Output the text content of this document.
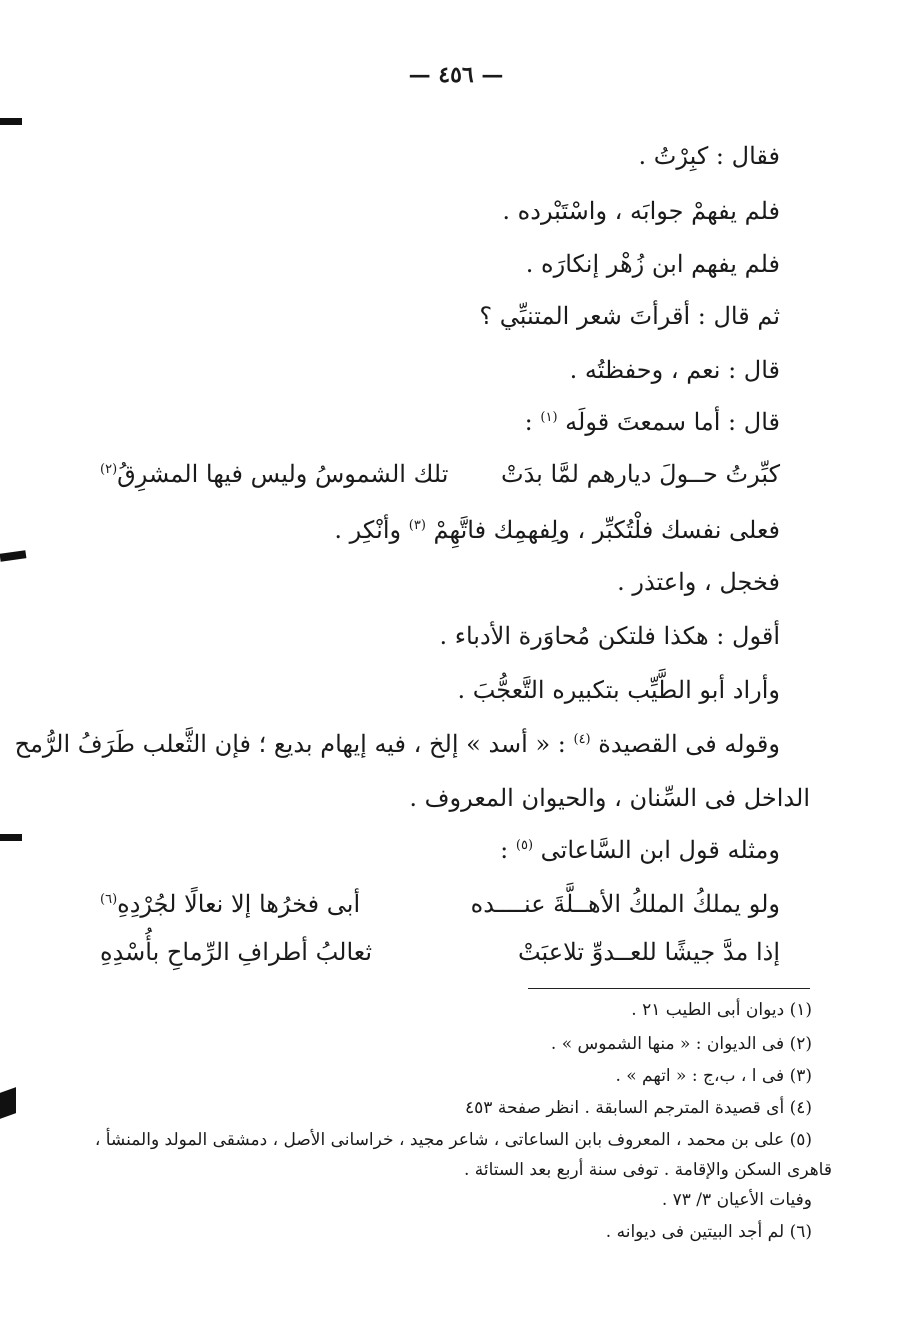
— ٤٥٦ —
فقال : كبِرْتُ .
فلم يفهمْ جوابَه ، واسْتَبْرده .
فلم يفهم ابن زُهْر إنكارَه .
ثم قال : أقرأتَ شعر المتنبِّي ؟
قال : نعم ، وحفظتُه .
قال : أما سمعتَ قولَه $^{(١)}$ :
كبِّرتُ حــولَ ديارهم لمَّا بدَتْ
تلك الشموسُ وليس فيها المشرِقُ$^{(٢)}$
فعلى نفسك فلْتُكبِّر ، ولِفهمِك فاتَّهِمْ $^{(٣)}$ وأنْكِر .
فخجل ، واعتذر .
أقول : هكذا فلتكن مُحاوَرة الأدباء .
وأراد أبو الطَّيِّب بتكبيره التَّعجُّبَ .
وقوله فى القصيدة $^{(٤)}$ : « أسد » إلخ ، فيه إيهام بديع ؛ فإن الثَّعلب طَرَفُ الرُّمح
الداخل فى السِّنان ، والحيوان المعروف .
ومثله قول ابن السَّاعاتى $^{(٥)}$ :
ولو يملكُ الملكُ الأهــلَّةَ عنــــده
أبى فخرُها إلا نعالًا لجُرْدِهِ$^{(٦)}$
إذا مدَّ جيشًا للعــدوِّ تلاعبَتْ
ثعالبُ أطرافِ الرِّماحِ بأُسْدِهِ
(١) ديوان أبى الطيب ٢١ .
(٢) فى الديوان : « منها الشموس » .
(٣) فى ا ، ب،ج : « اتهم » .
(٤) أى قصيدة المترجم السابقة . انظر صفحة ٤٥٣
(٥) على بن محمد ، المعروف بابن الساعاتى ، شاعر مجيد ، خراسانى الأصل ، دمشقى المولد والمنشأ ،
قاهرى السكن والإقامة . توفى سنة أربع بعد الستائة .
وفيات الأعيان ٣/ ٧٣ .
(٦) لم أجد البيتين فى ديوانه .
